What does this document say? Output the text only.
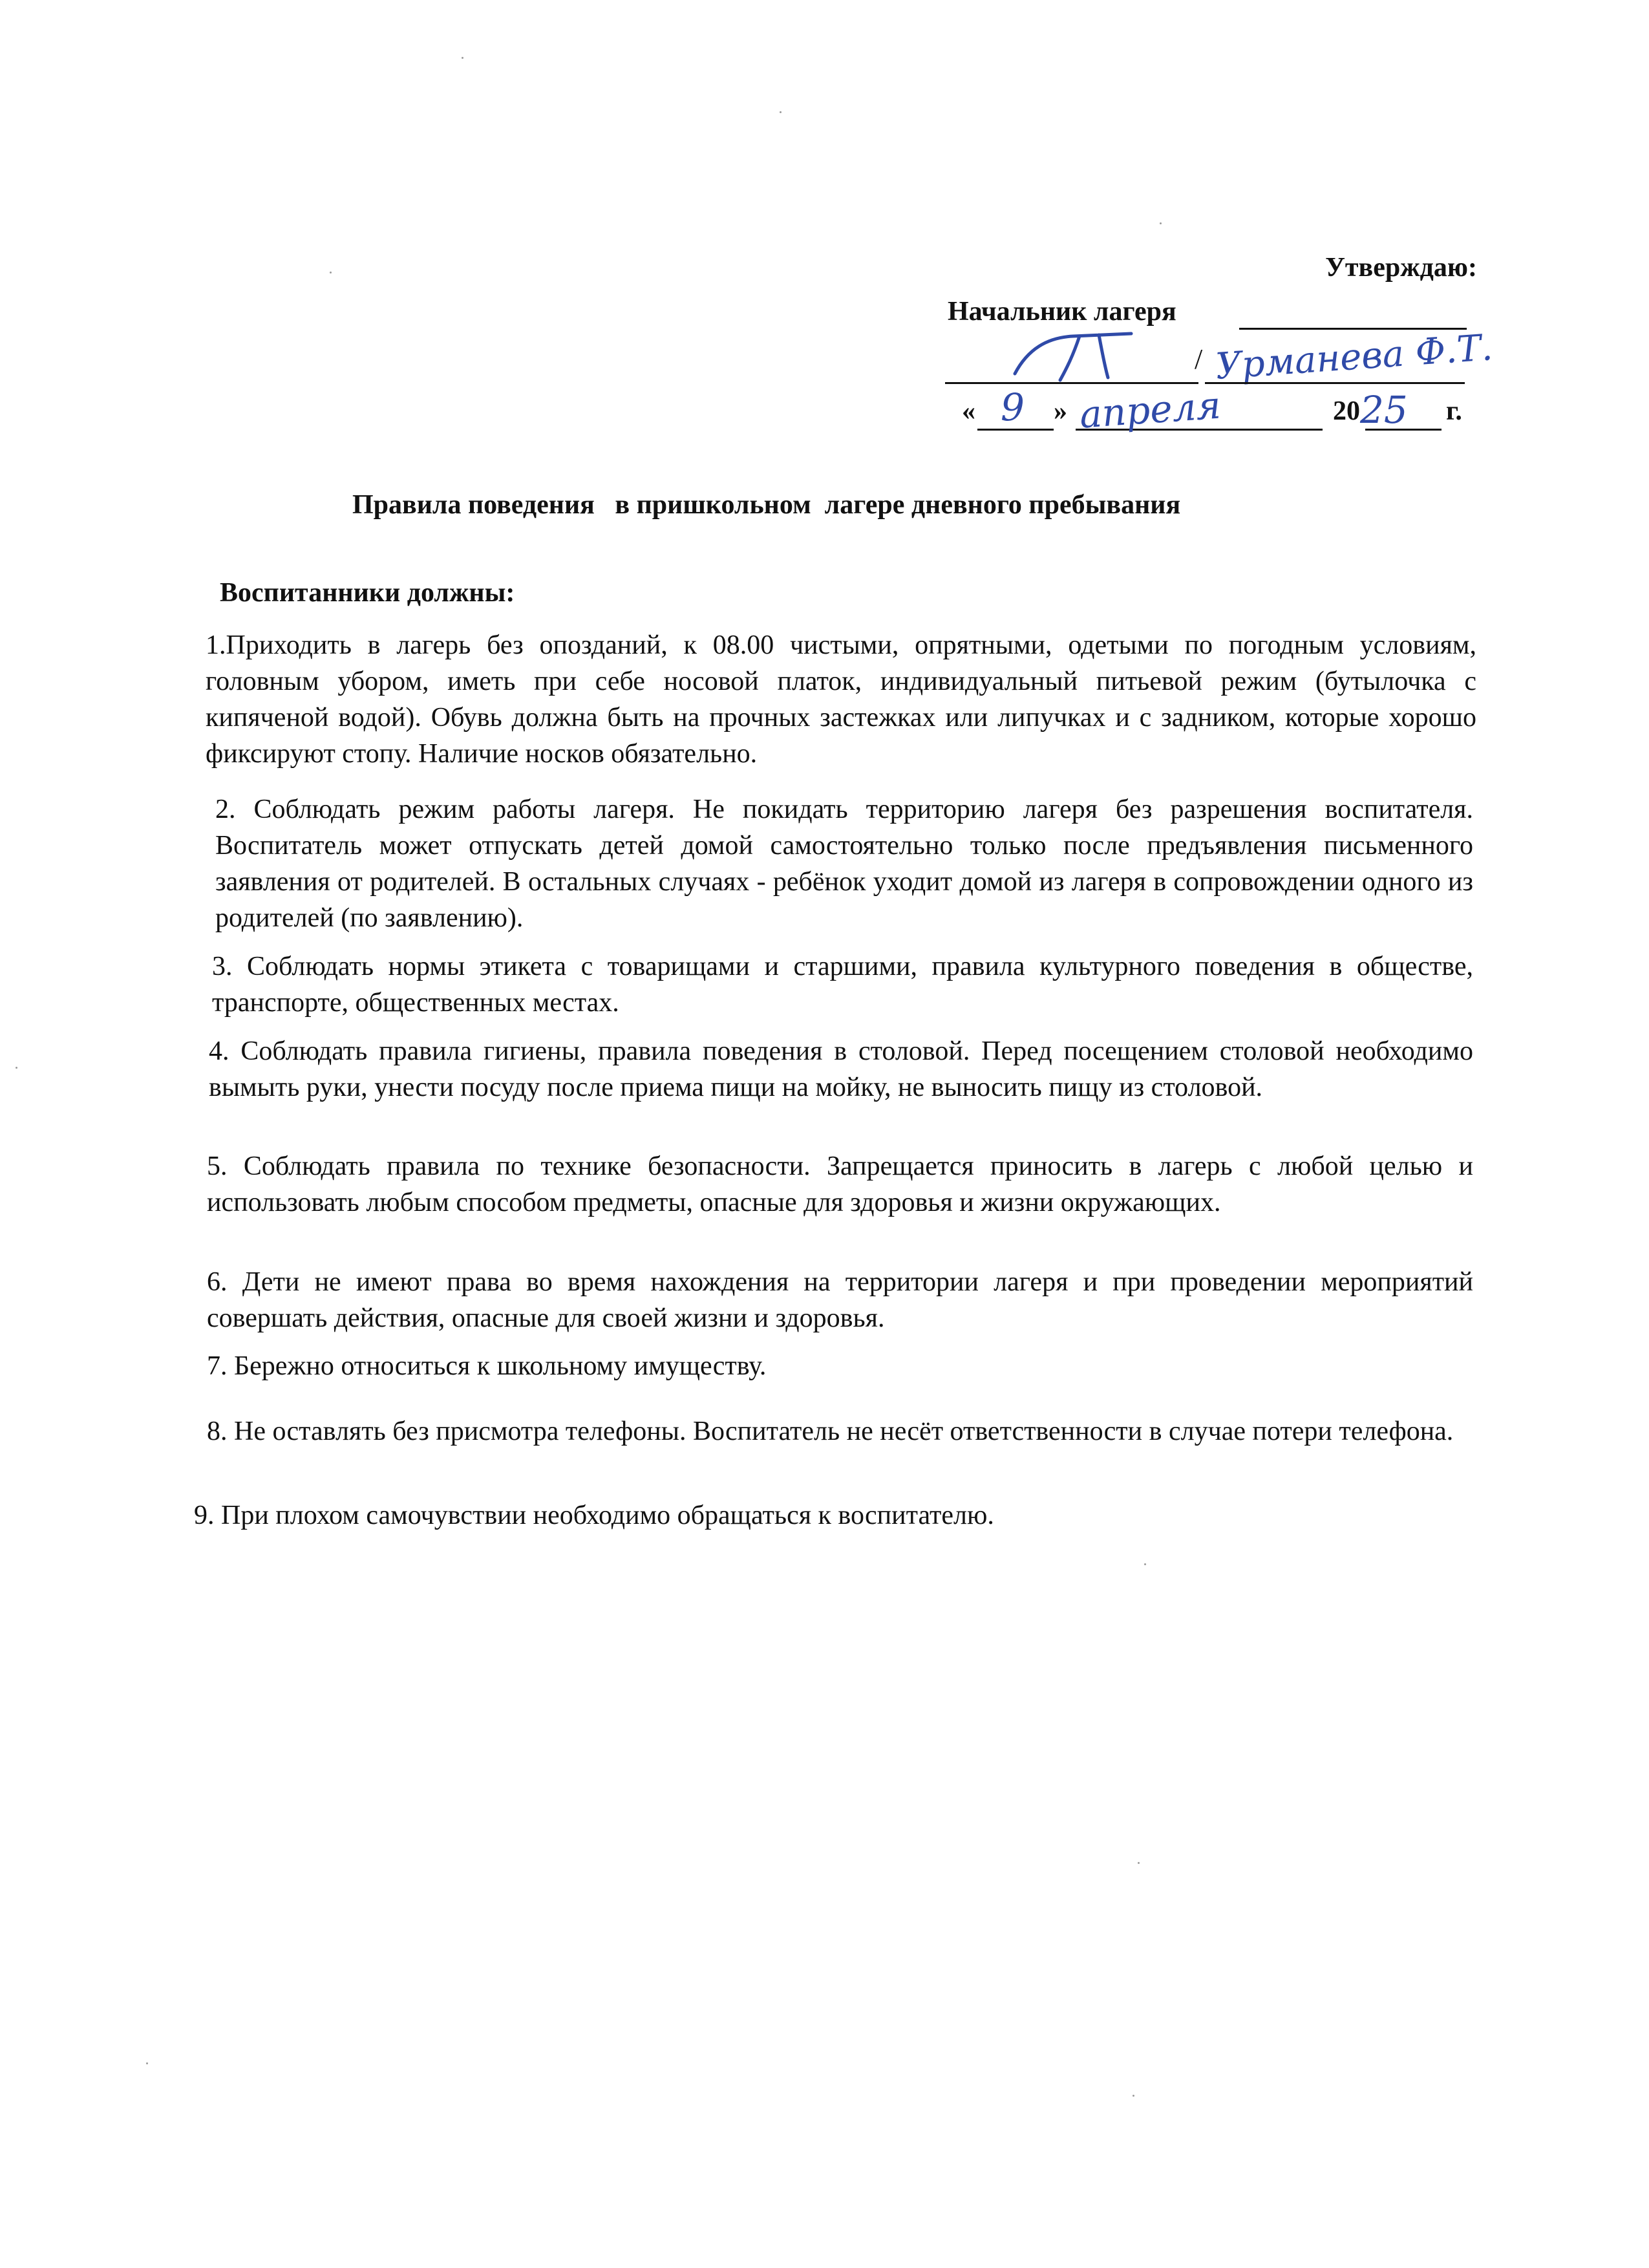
Утверждаю:
Начальник лагеря
/ Урманева Ф.Т.
« 9 » апреля	20 25 г.
Правила поведения   в пришкольном  лагере дневного пребывания
Воспитанники должны:
1.Приходить в лагерь без опозданий, к 08.00 чистыми, опрятными, одетыми по погодным условиям, головным убором, иметь при себе носовой платок, индивидуальный питьевой режим (бутылочка с кипяченой водой). Обувь должна быть на прочных застежках или липучках и с задником, которые хорошо фиксируют стопу. Наличие носков обязательно.
2. Соблюдать режим работы лагеря. Не покидать территорию лагеря без разрешения воспитателя. Воспитатель может отпускать детей домой самостоятельно только после предъявления письменного заявления от родителей. В остальных случаях - ребёнок уходит домой из лагеря в сопровождении одного из родителей (по заявлению).
3. Соблюдать нормы этикета с товарищами и старшими, правила культурного поведения в обществе, транспорте, общественных местах.
4. Соблюдать правила гигиены, правила поведения в столовой. Перед посещением столовой необходимо вымыть руки, унести посуду после приема пищи на мойку, не выносить пищу из столовой.
5. Соблюдать правила по технике безопасности. Запрещается приносить в лагерь с любой целью и использовать любым способом предметы, опасные для здоровья и жизни окружающих.
6. Дети не имеют права во время нахождения на территории лагеря и при проведении мероприятий совершать действия, опасные для своей жизни и здоровья.
7. Бережно относиться к школьному имуществу.
8. Не оставлять без присмотра телефоны. Воспитатель не несёт ответственности в случае потери телефона.
9. При плохом самочувствии необходимо обращаться к воспитателю.
